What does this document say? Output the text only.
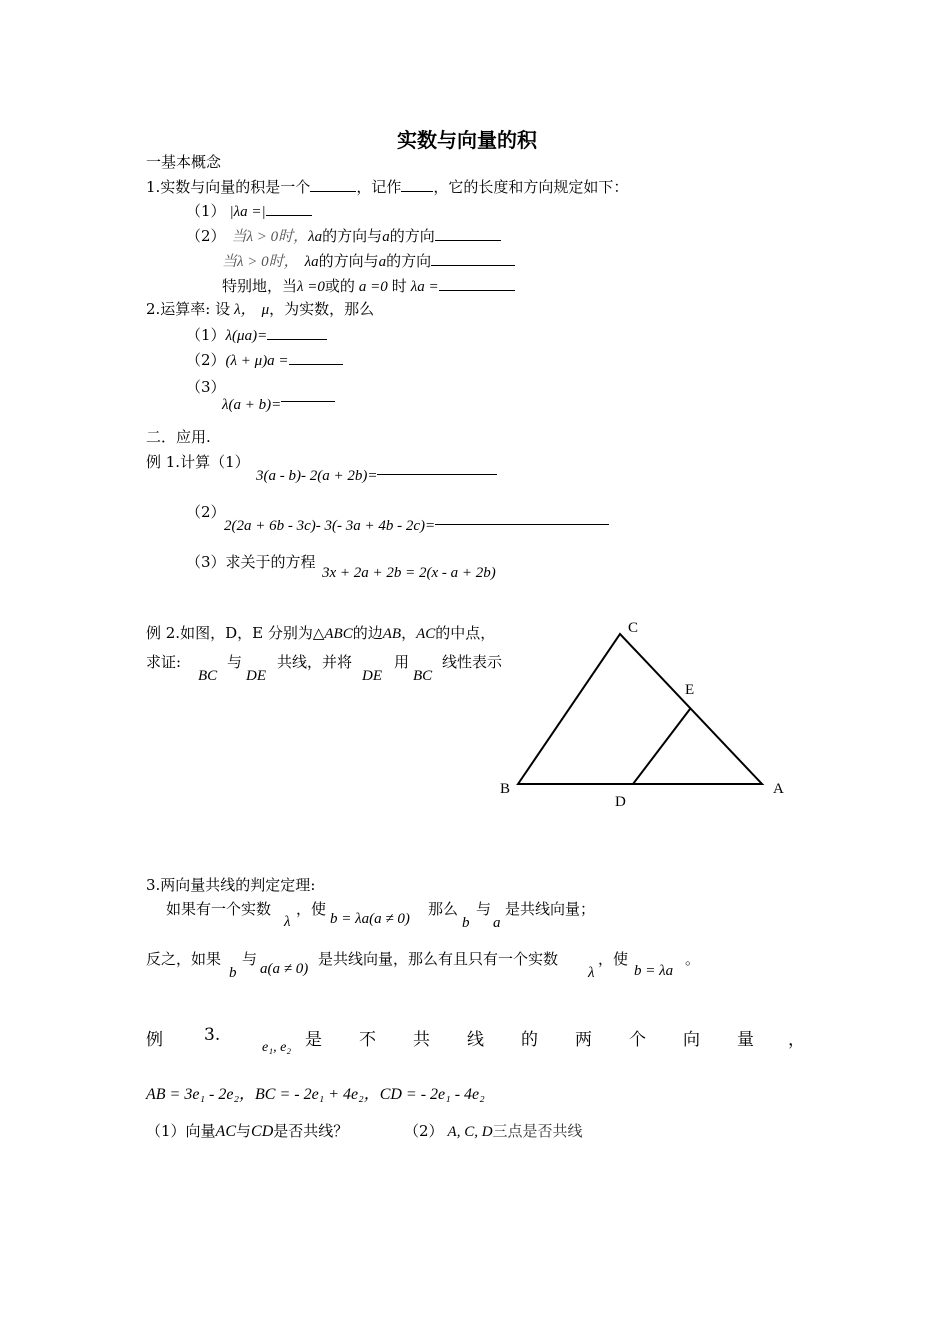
实数与向量的积
一基本概念
1.实数与向量的积是一个	，记作 ，它的长度和方向规定如下：
（1） |λa =|
（2） 当λ > 0时，λa的方向与a的方向
当λ > 0时， λa的方向与a的方向
特别地，当λ =0或的 a =0 时 λa =
2.运算率: 设 λ， μ，为实数，那么
（1）λ(μa)=
（2）(λ + μ)a =
（3）
λ(a + b)=
二．应用.
例 1.计算（1）
3(a - b)- 2(a + 2b)=
（2）
2(2a + 6b - 3c)- 3(- 3a + 4b - 2c)=
（3）求关于的方程
3x + 2a + 2b = 2(x - a + 2b)
例 2.如图，D，E 分别为△ABC的边AB，AC的中点，
求证:
BC
与
DE
共线，并将
DE
用
BC
线性表示
C
E
B
D
A
3.两向量共线的判定定理:
如果有一个实数
λ
，使
b = λa(a ≠ 0)
那么
b
与
a
是共线向量；
反之，如果
b
与
a(a ≠ 0)
是共线向量，那么有且只有一个实数
λ
，使
b = λa
。
例 3.
e₁, e₂ 是 不 共 线 的 两 个 向 量 ，
AB = 3e₁ - 2e₂，BC = - 2e₁ + 4e₂，CD = - 2e₁ - 4e₂
（1）向量AC与CD是否共线？	（2） A, C, D三点是否共线
